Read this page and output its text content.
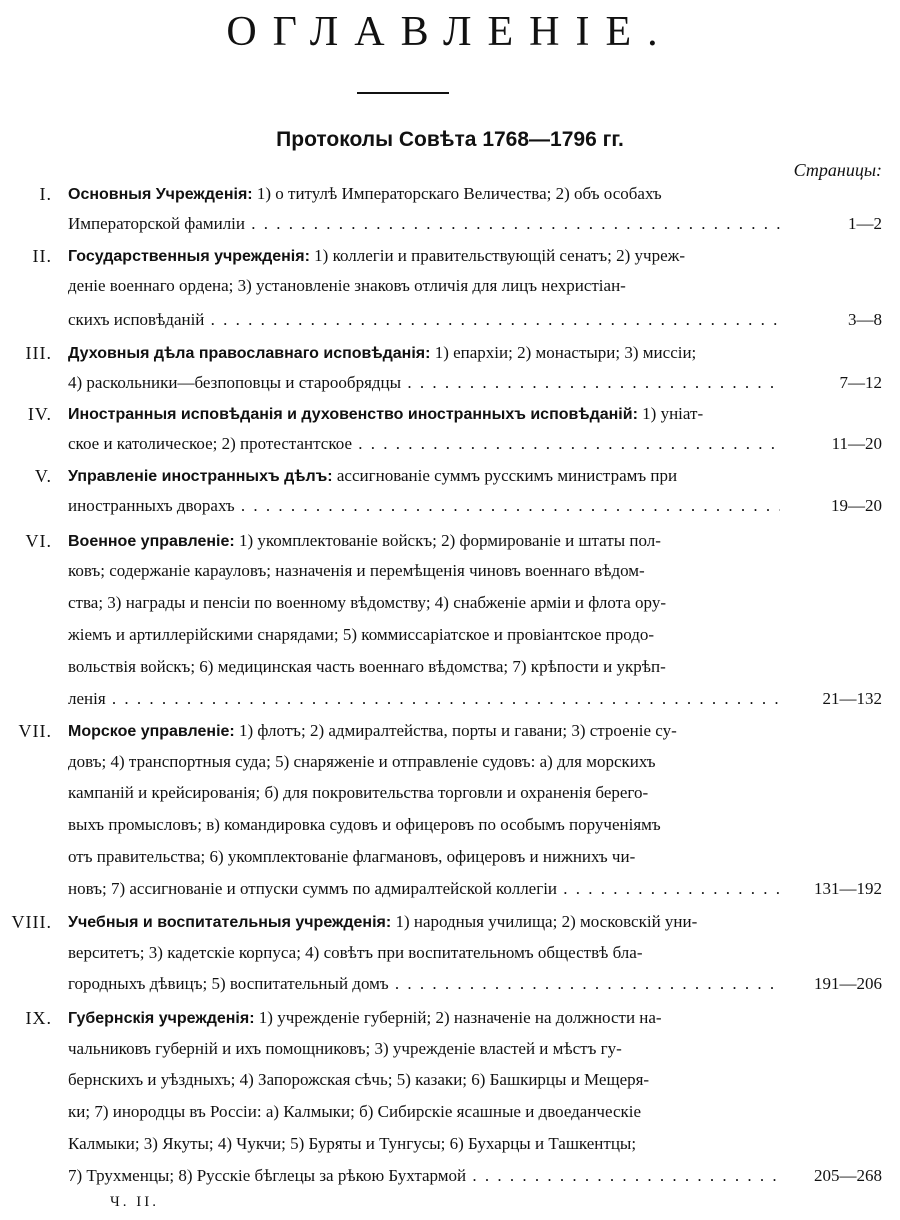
ОГЛАВЛЕНІЕ.
Протоколы Совѣта 1768—1796 гг.
Страницы:
I. Основныя Учрежденія: 1) о титулѣ Императорскаго Величества; 2) объ особахъ
Императорской фамиліи . . .	1—2
II. Государственныя учрежденія: 1) коллегіи и правительствующій сенатъ; 2) учреж-
деніе военнаго ордена; 3) установленіе знаковъ отличія для лицъ нехристіан-
скихъ исповѣданій . . .	3—8
III. Духовныя дѣла православнаго исповѣданія: 1) епархіи; 2) монастыри; 3) миссіи;
4) раскольники—безпоповцы и старообрядцы . . .	7—12
IV. Иностранныя исповѣданія и духовенство иностранныхъ исповѣданій: 1) уніат-
ское и католическое; 2) протестантское . . .	11—20
V. Управленіе иностранныхъ дѣлъ: ассигнованіе суммъ русскимъ министрамъ при
иностранныхъ дворахъ . . .	19—20
VI. Военное управленіе: 1) укомплектованіе войскъ; 2) формированіе и штаты пол-
ковъ; содержаніе карауловъ; назначенія и перемѣщенія чиновъ военнаго вѣдом-
ства; 3) награды и пенсіи по военному вѣдомству; 4) снабженіе арміи и флота ору-
жіемъ и артиллерійскими снарядами; 5) коммиссаріатское и провіантское продо-
вольствія войскъ; 6) медицинская часть военнаго вѣдомства; 7) крѣпости и укрѣп-
ленія . . .	21—132
VII. Морское управленіе: 1) флотъ; 2) адмиралтейства, порты и гавани; 3) строеніе су-
довъ; 4) транспортныя суда; 5) снаряженіе и отправленіе судовъ: а) для морскихъ
кампаній и крейсированія; б) для покровительства торговли и охраненія берего-
выхъ промысловъ; в) командировка судовъ и офицеровъ по особымъ порученіямъ
отъ правительства; 6) укомплектованіе флагмановъ, офицеровъ и нижнихъ чи-
новъ; 7) ассигнованіе и отпуски суммъ по адмиралтейской коллегіи . . .	131—192
VIII. Учебныя и воспитательныя учрежденія: 1) народныя училища; 2) московскій уни-
верситетъ; 3) кадетскіе корпуса; 4) совѣтъ при воспитательномъ обществѣ бла-
городныхъ дѣвицъ; 5) воспитательный домъ . . .	191—206
IX. Губернскія учрежденія: 1) учрежденіе губерній; 2) назначеніе на должности на-
чальниковъ губерній и ихъ помощниковъ; 3) учрежденіе властей и мѣстъ гу-
бернскихъ и уѣздныхъ; 4) Запорожская сѣчь; 5) казаки; 6) Башкирцы и Мещеря-
ки; 7) инородцы въ Россіи: а) Калмыки; б) Сибирскіе ясашные и двоеданческіе
Калмыки; 3) Якуты; 4) Чукчи; 5) Буряты и Тунгусы; 6) Бухарцы и Ташкентцы;
7) Трухменцы; 8) Русскіе бѣглецы за рѣкою Бухтармой . . .	205—268
Ч. II.
